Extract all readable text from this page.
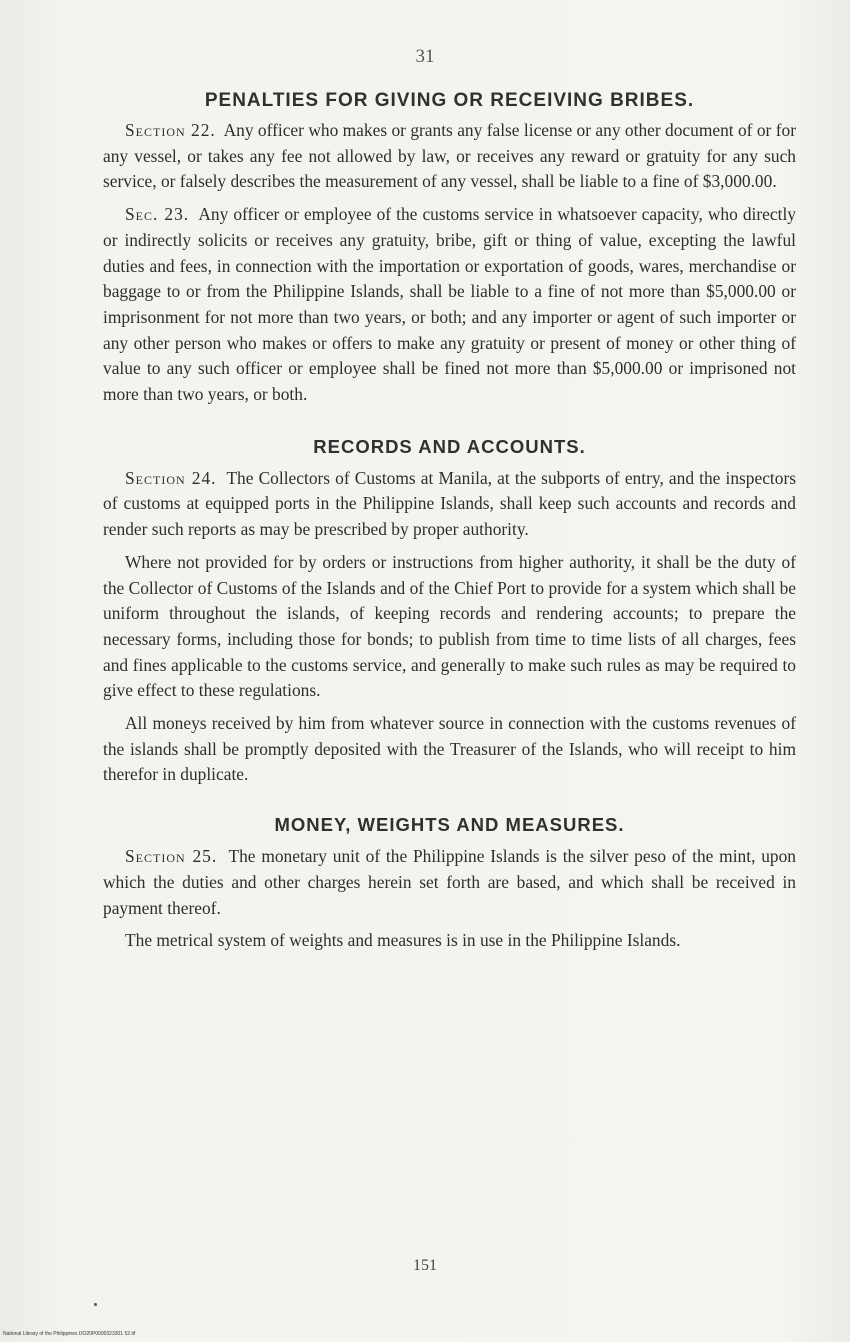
31
PENALTIES FOR GIVING OR RECEIVING BRIBES.

Section 22. Any officer who makes or grants any false license or any other document of or for any vessel, or takes any fee not allowed by law, or receives any reward or gratuity for any such service, or falsely describes the measurement of any vessel, shall be liable to a fine of $3,000.00.

Sec. 23. Any officer or employee of the customs service in whatsoever capacity, who directly or indirectly solicits or receives any gratuity, bribe, gift or thing of value, excepting the lawful duties and fees, in connection with the importation or exportation of goods, wares, merchandise or baggage to or from the Philippine Islands, shall be liable to a fine of not more than $5,000.00 or imprisonment for not more than two years, or both; and any importer or agent of such importer or any other person who makes or offers to make any gratuity or present of money or other thing of value to any such officer or employee shall be fined not more than $5,000.00 or imprisoned not more than two years, or both.

RECORDS AND ACCOUNTS.

Section 24. The Collectors of Customs at Manila, at the subports of entry, and the inspectors of customs at equipped ports in the Philippine Islands, shall keep such accounts and records and render such reports as may be prescribed by proper authority.

Where not provided for by orders or instructions from higher authority, it shall be the duty of the Collector of Customs of the Islands and of the Chief Port to provide for a system which shall be uniform throughout the islands, of keeping records and rendering accounts; to prepare the necessary forms, including those for bonds; to publish from time to time lists of all charges, fees and fines applicable to the customs service, and generally to make such rules as may be required to give effect to these regulations.

All moneys received by him from whatever source in connection with the customs revenues of the islands shall be promptly deposited with the Treasurer of the Islands, who will receipt to him therefor in duplicate.

MONEY, WEIGHTS AND MEASURES.

Section 25. The monetary unit of the Philippine Islands is the silver peso of the mint, upon which the duties and other charges herein set forth are based, and which shall be received in payment thereof.

The metrical system of weights and measures is in use in the Philippine Islands.

151
National Library of the Philippines DO20P0000323301 52.tif
